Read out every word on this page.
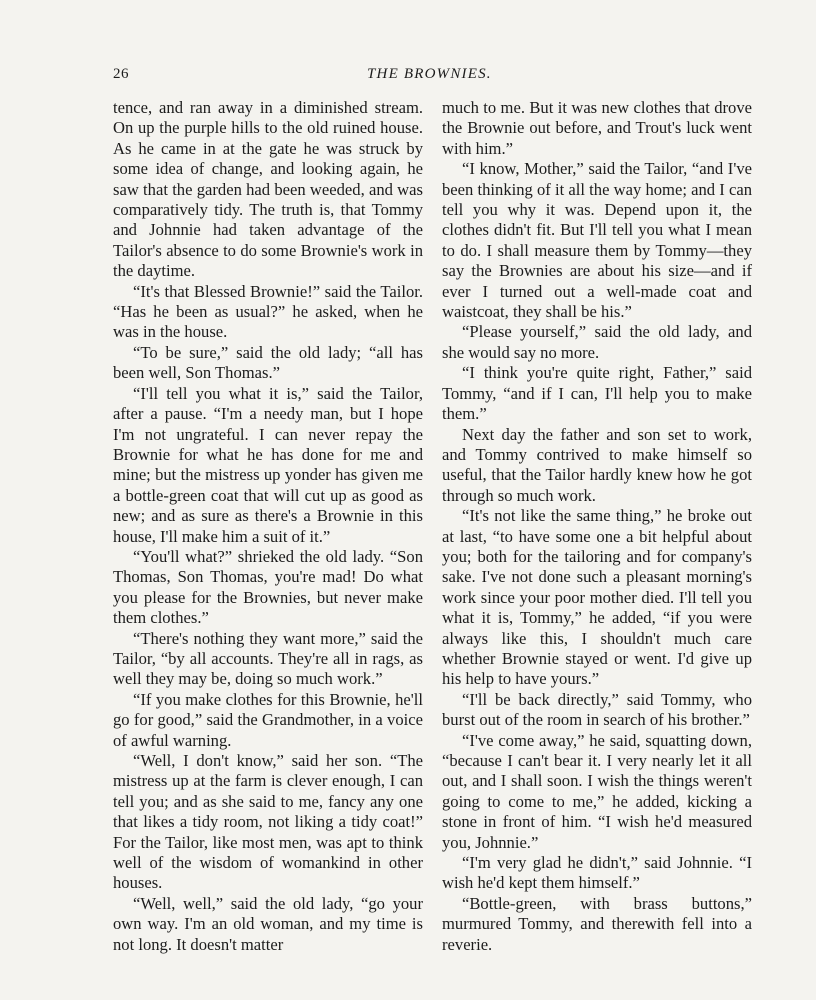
26	THE BROWNIES.

tence, and ran away in a diminished stream. On up the purple hills to the old ruined house. As he came in at the gate he was struck by some idea of change, and looking again, he saw that the garden had been weeded, and was comparatively tidy. The truth is, that Tommy and Johnnie had taken advantage of the Tailor's absence to do some Brownie's work in the daytime.

“It's that Blessed Brownie!” said the Tailor. “Has he been as usual?” he asked, when he was in the house.

“To be sure,” said the old lady; “all has been well, Son Thomas.”

“I'll tell you what it is,” said the Tailor, after a pause. “I'm a needy man, but I hope I'm not ungrateful. I can never repay the Brownie for what he has done for me and mine; but the mistress up yonder has given me a bottle-green coat that will cut up as good as new; and as sure as there's a Brownie in this house, I'll make him a suit of it.”

“You'll what?” shrieked the old lady. “Son Thomas, Son Thomas, you're mad! Do what you please for the Brownies, but never make them clothes.”

“There's nothing they want more,” said the Tailor, “by all accounts. They're all in rags, as well they may be, doing so much work.”

“If you make clothes for this Brownie, he'll go for good,” said the Grandmother, in a voice of awful warning.

“Well, I don't know,” said her son. “The mistress up at the farm is clever enough, I can tell you; and as she said to me, fancy any one that likes a tidy room, not liking a tidy coat!” For the Tailor, like most men, was apt to think well of the wisdom of womankind in other houses.

“Well, well,” said the old lady, “go your own way. I'm an old woman, and my time is not long. It doesn't matter

much to me. But it was new clothes that drove the Brownie out before, and Trout's luck went with him.”

“I know, Mother,” said the Tailor, “and I've been thinking of it all the way home; and I can tell you why it was. Depend upon it, the clothes didn't fit. But I'll tell you what I mean to do. I shall measure them by Tommy—they say the Brownies are about his size—and if ever I turned out a well-made coat and waistcoat, they shall be his.”

“Please yourself,” said the old lady, and she would say no more.

“I think you're quite right, Father,” said Tommy, “and if I can, I'll help you to make them.”

Next day the father and son set to work, and Tommy contrived to make himself so useful, that the Tailor hardly knew how he got through so much work.

“It's not like the same thing,” he broke out at last, “to have some one a bit helpful about you; both for the tailoring and for company's sake. I've not done such a pleasant morning's work since your poor mother died. I'll tell you what it is, Tommy,” he added, “if you were always like this, I shouldn't much care whether Brownie stayed or went. I'd give up his help to have yours.”

“I'll be back directly,” said Tommy, who burst out of the room in search of his brother.”

“I've come away,” he said, squatting down, “because I can't bear it. I very nearly let it all out, and I shall soon. I wish the things weren't going to come to me,” he added, kicking a stone in front of him. “I wish he'd measured you, Johnnie.”

“I'm very glad he didn't,” said Johnnie. “I wish he'd kept them himself.”

“Bottle-green, with brass buttons,” murmured Tommy, and therewith fell into a reverie.
